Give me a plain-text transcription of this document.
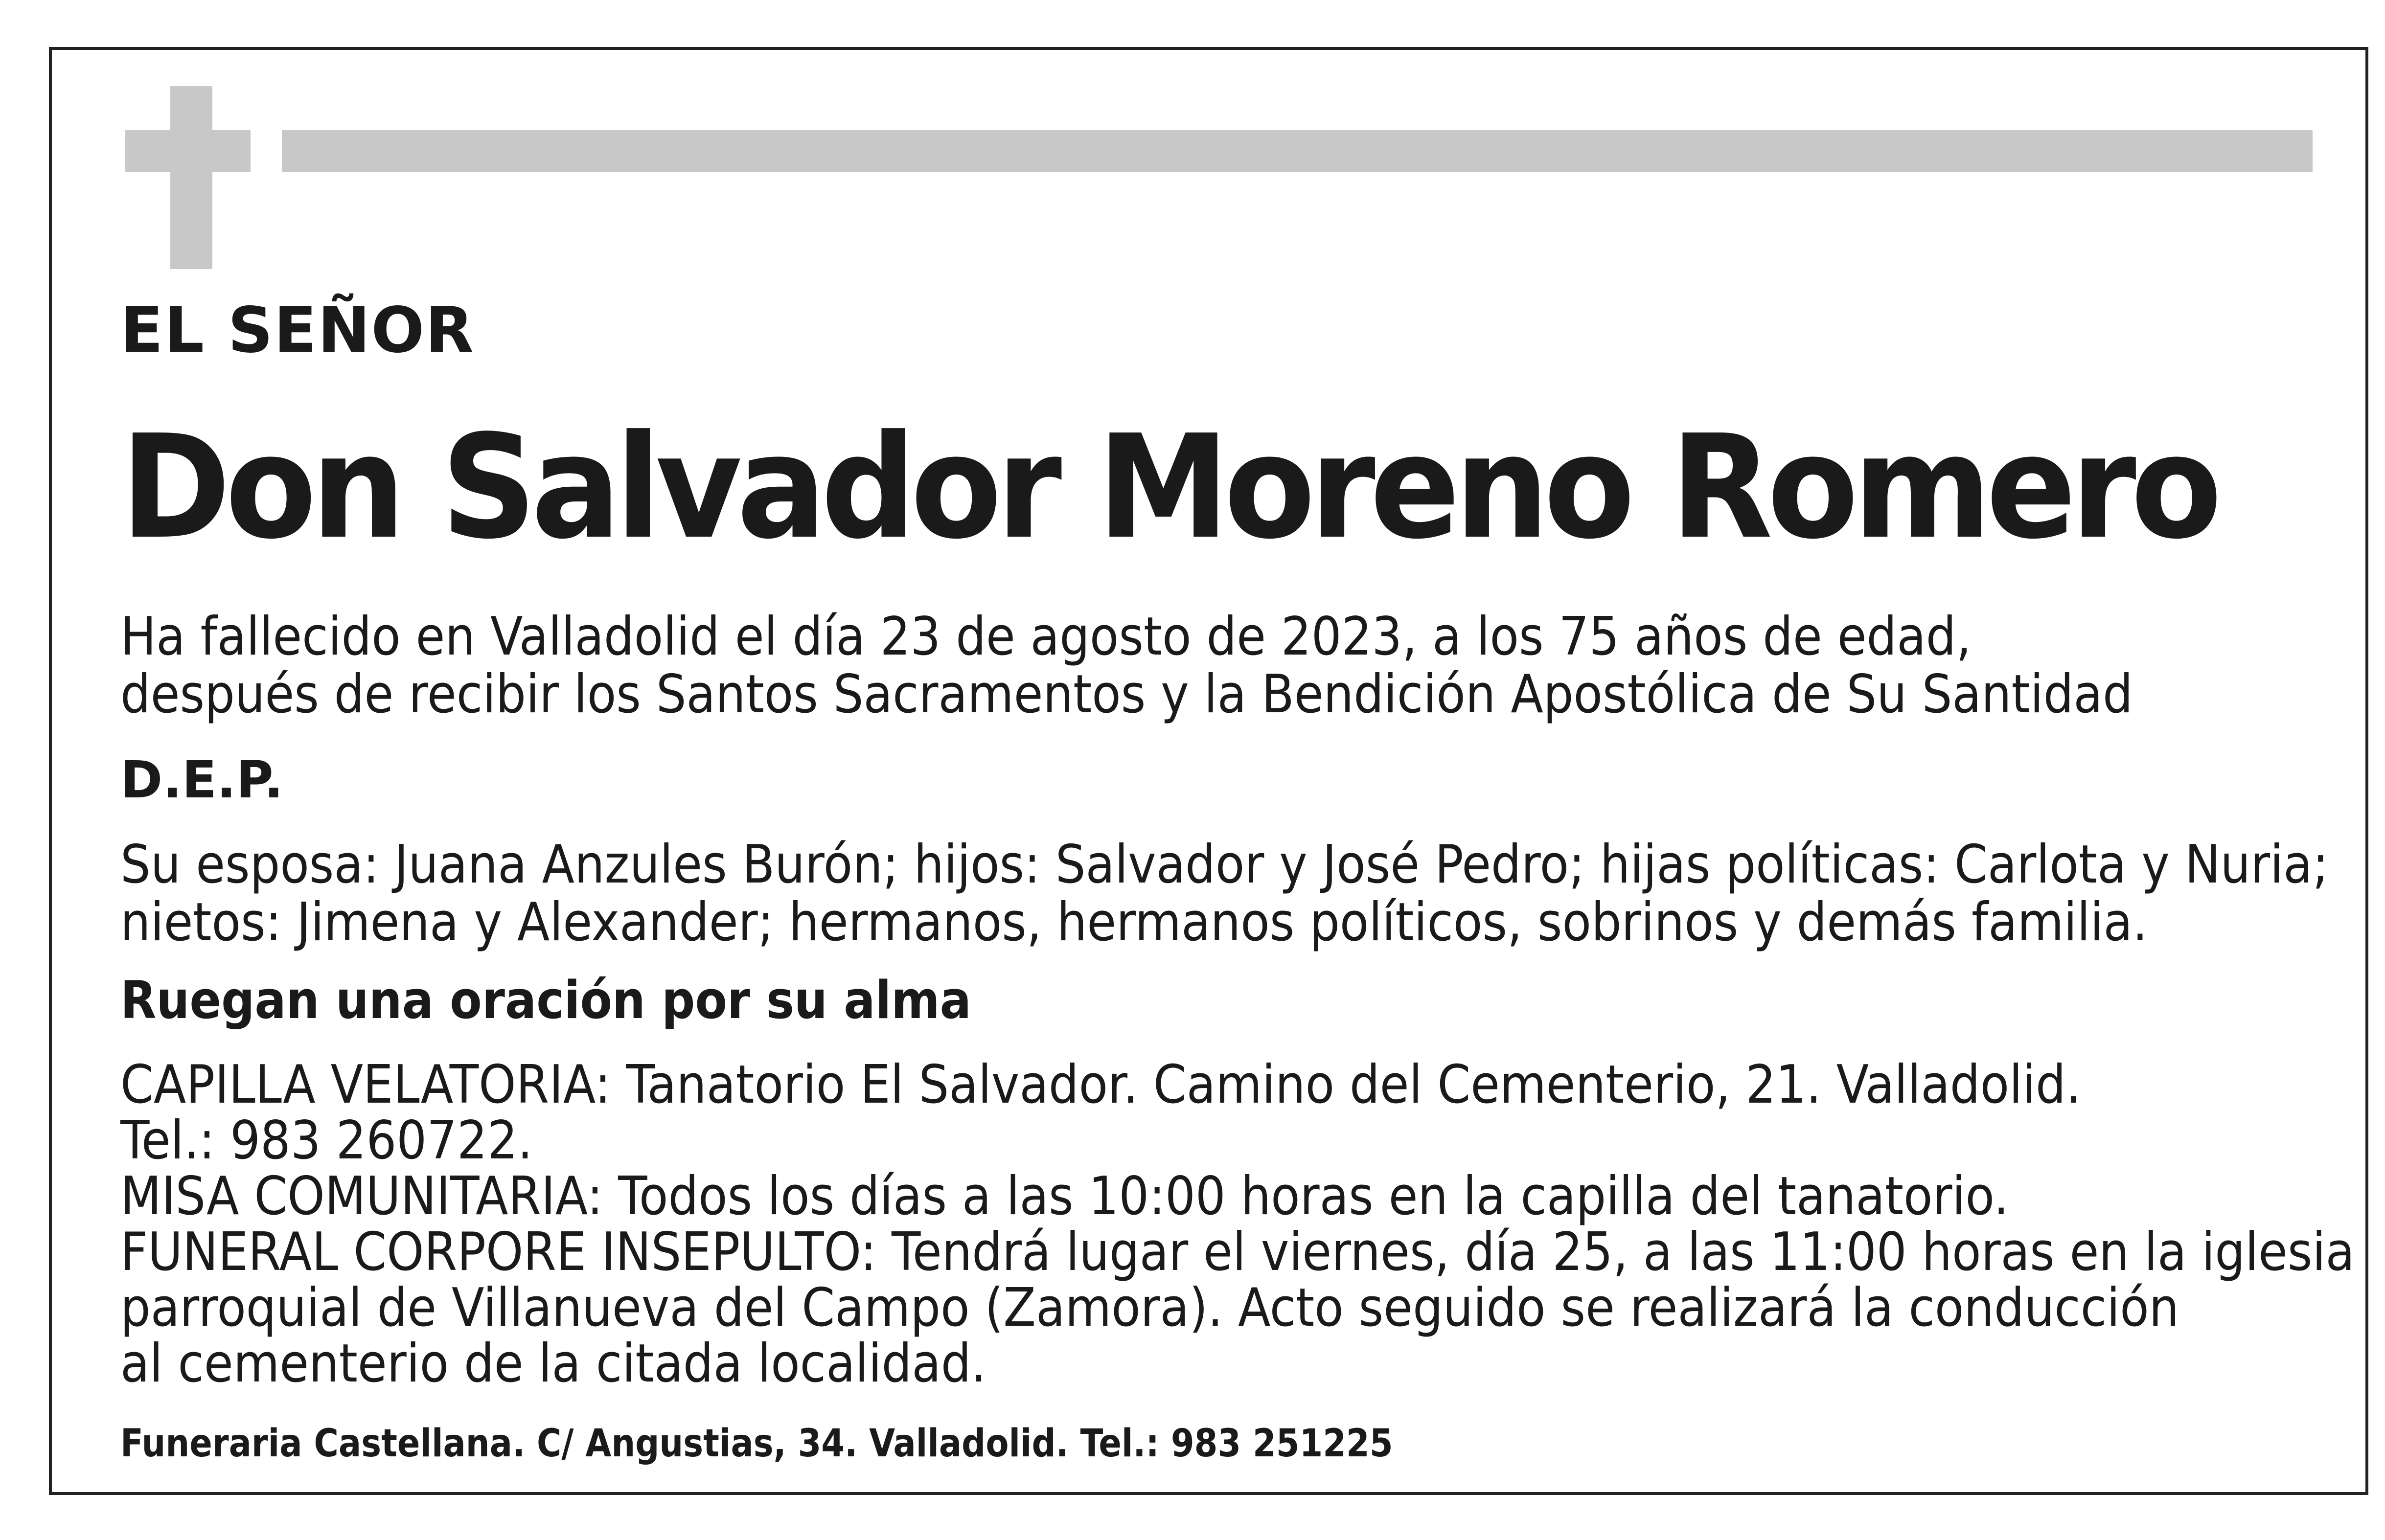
EL SEÑOR

Don Salvador Moreno Romero

Ha fallecido en Valladolid el día 23 de agosto de 2023, a los 75 años de edad,

después de recibir los Santos Sacramentos y la Bendición Apostólica de Su Santidad

D.E.P.

Su esposa: Juana Anzules Burón; hijos: Salvador y José Pedro; hijas políticas: Carlota y Nuria;

nietos: Jimena y Alexander; hermanos, hermanos políticos, sobrinos y demás familia.

Ruegan una oración por su alma

CAPILLA VELATORIA: Tanatorio El Salvador. Camino del Cementerio, 21. Valladolid.

Tel.: 983 260722.

MISA COMUNITARIA: Todos los días a las 10:00 horas en la capilla del tanatorio.

FUNERAL CORPORE INSEPULTO: Tendrá lugar el viernes, día 25, a las 11:00 horas en la iglesia

parroquial de Villanueva del Campo (Zamora). Acto seguido se realizará la conducción

al cementerio de la citada localidad.

Funeraria Castellana. C/ Angustias, 34. Valladolid. Tel.: 983 251225
